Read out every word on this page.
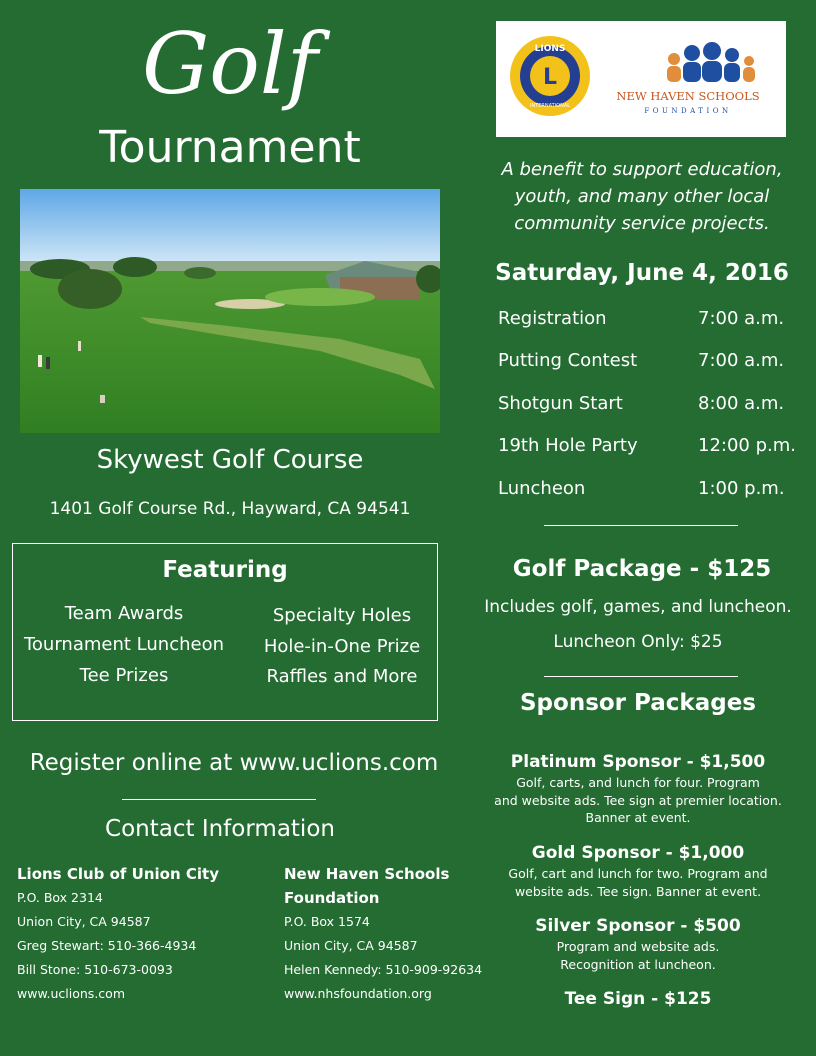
Golf
Tournament
L
LIONS
INTERNATIONAL
NEW HAVEN SCHOOLS
FOUNDATION
A benefit to support education,
youth, and many other local
community service projects.
Skywest Golf Course
1401 Golf Course Rd., Hayward, CA 94541
Saturday, June 4, 2016
Registration	7:00 a.m.
Putting Contest	7:00 a.m.
Shotgun Start	8:00 a.m.
19th Hole Party	12:00 p.m.
Luncheon	1:00 p.m.
Featuring
Team Awards
Tournament Luncheon
Tee Prizes
Specialty Holes
Hole-in-One Prize
Raffles and More
Golf Package - $125
Includes golf, games, and luncheon.
Luncheon Only: $25
Sponsor Packages
Platinum Sponsor - $1,500
Golf, carts, and lunch for four. Program
and website ads. Tee sign at premier location.
Banner at event.
Gold Sponsor - $1,000
Golf, cart and lunch for two. Program and
website ads. Tee sign. Banner at event.
Silver Sponsor - $500
Program and website ads.
Recognition at luncheon.
Tee Sign - $125
Register online at www.uclions.com
Contact Information
Lions Club of Union City
P.O. Box 2314
Union City, CA 94587
Greg Stewart: 510-366-4934
Bill Stone: 510-673-0093
www.uclions.com
New Haven Schools
Foundation
P.O. Box 1574
Union City, CA 94587
Helen Kennedy: 510-909-92634
www.nhsfoundation.org
